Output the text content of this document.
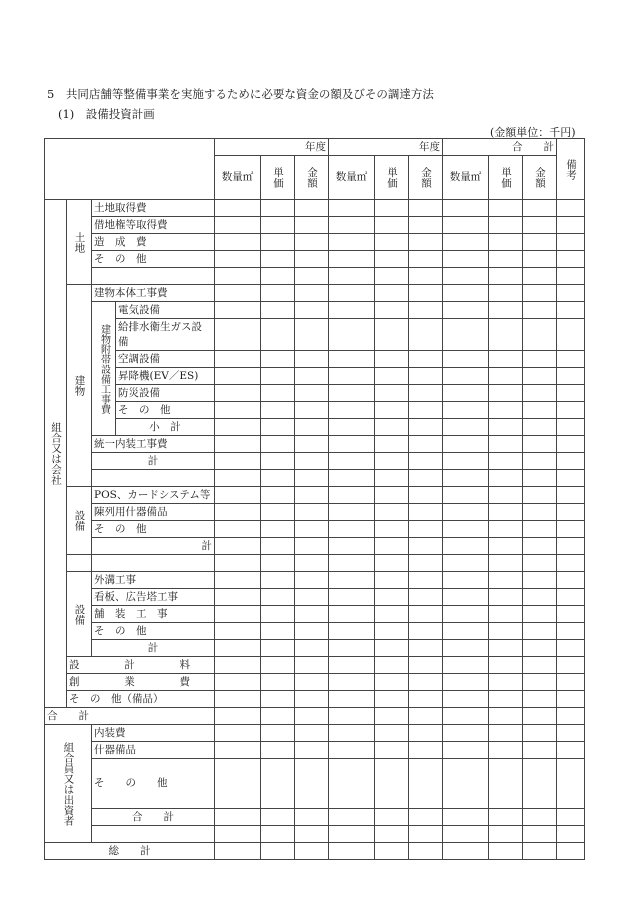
5　共同店舗等整備事業を実施するために必要な資金の額及びその調達方法
(1)　設備投資計画
(金額単位：千円)
				年度			年度			合　　計			備考
				数量㎡	単価	金額	数量㎡	単価	金額	数量㎡	単価	金額	
組合又は会社	土地	土地取得費											
		借地権等取得費											
		造　成　費											
		そ　の　他											

	建物	建物本体工事費											
		建物附帯設備工事費	電気設備										
			給排水衛生ガス設備										
			空調設備										
			昇降機(EV／ES)										
			防災設備										
			そ　の　他										
			小　計										
		統一内装工事費											
		計											

	設備	POS、カードシステム等											
		陳列用什器備品											
		そ　の　他											
		計											

	設備	外溝工事											
		看板、広告塔工事											
		舗　装　工　事											
		そ　の　他											
		計											
	設計料												
	創業費												
	そ　の　他（備品）												
合　　計													
組合員又は出資者		内装費											
		什器備品											
		そ　　の　　他											
		合　　計											

総　　計													
